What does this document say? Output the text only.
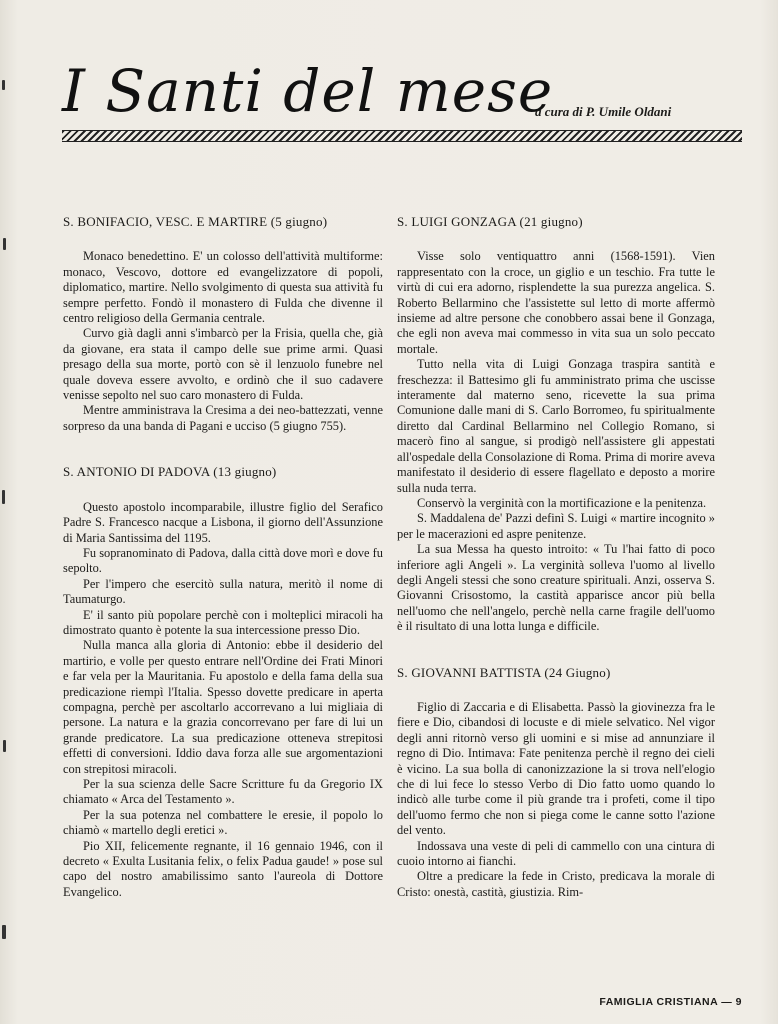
I Santi del mese
a cura di P. Umile Oldani
S. BONIFACIO, VESC. E MARTIRE (5 giugno)

Monaco benedettino. E' un colosso dell'attività multiforme: monaco, Vescovo, dottore ed evangelizzatore di popoli, diplomatico, martire. Nello svolgimento di questa sua attività fu sempre perfetto. Fondò il monastero di Fulda che divenne il centro religioso della Germania centrale.

Curvo già dagli anni s'imbarcò per la Frisia, quella che, già da giovane, era stata il campo delle sue prime armi. Quasi presago della sua morte, portò con sè il lenzuolo funebre nel quale doveva essere avvolto, e ordinò che il suo cadavere venisse sepolto nel suo caro monastero di Fulda.

Mentre amministrava la Cresima a dei neo-battezzati, venne sorpreso da una banda di Pagani e ucciso (5 giugno 755).

S. ANTONIO DI PADOVA (13 giugno)

Questo apostolo incomparabile, illustre figlio del Serafico Padre S. Francesco nacque a Lisbona, il giorno dell'Assunzione di Maria Santissima del 1195.

Fu sopranominato di Padova, dalla città dove morì e dove fu sepolto.

Per l'impero che esercitò sulla natura, meritò il nome di Taumaturgo.

E' il santo più popolare perchè con i molteplici miracoli ha dimostrato quanto è potente la sua intercessione presso Dio.

Nulla manca alla gloria di Antonio: ebbe il desiderio del martirio, e volle per questo entrare nell'Ordine dei Frati Minori e far vela per la Mauritania. Fu apostolo e della fama della sua predicazione riempì l'Italia. Spesso dovette predicare in aperta compagna, perchè per ascoltarlo accorrevano a lui migliaia di persone. La natura e la grazia concorrevano per fare di lui un grande predicatore. La sua predicazione otteneva strepitosi effetti di conversioni. Iddio dava forza alle sue argomentazioni con strepitosi miracoli.

Per la sua scienza delle Sacre Scritture fu da Gregorio IX chiamato « Arca del Testamento ».

Per la sua potenza nel combattere le eresie, il popolo lo chiamò « martello degli eretici ».

Pio XII, felicemente regnante, il 16 gennaio 1946, con il decreto « Exulta Lusitania felix, o felix Padua gaude! » pose sul capo del nostro amabilissimo santo l'aureola di Dottore Evangelico.

S. LUIGI GONZAGA (21 giugno)

Visse solo ventiquattro anni (1568-1591). Vien rappresentato con la croce, un giglio e un teschio. Fra tutte le virtù di cui era adorno, risplendette la sua purezza angelica. S. Roberto Bellarmino che l'assistette sul letto di morte affermò insieme ad altre persone che conobbero assai bene il Gonzaga, che egli non aveva mai commesso in vita sua un solo peccato mortale.

Tutto nella vita di Luigi Gonzaga traspira santità e freschezza: il Battesimo gli fu amministrato prima che uscisse interamente dal materno seno, ricevette la sua prima Comunione dalle mani di S. Carlo Borromeo, fu spiritualmente diretto dal Cardinal Bellarmino nel Collegio Romano, si macerò fino al sangue, si prodigò nell'assistere gli appestati all'ospedale della Consolazione di Roma. Prima di morire aveva manifestato il desiderio di essere flagellato e deposto a morire sulla nuda terra.

Conservò la verginità con la mortificazione e la penitenza.

S. Maddalena de' Pazzi definì S. Luigi « martire incognito » per le macerazioni ed aspre penitenze.

La sua Messa ha questo introito: « Tu l'hai fatto di poco inferiore agli Angeli ». La verginità solleva l'uomo al livello degli Angeli stessi che sono creature spirituali. Anzi, osserva S. Giovanni Crisostomo, la castità apparisce ancor più bella nell'uomo che nell'angelo, perchè nella carne fragile dell'uomo è il risultato di una lotta lunga e difficile.

S. GIOVANNI BATTISTA (24 Giugno)

Figlio di Zaccaria e di Elisabetta. Passò la giovinezza fra le fiere e Dio, cibandosi di locuste e di miele selvatico. Nel vigor degli anni ritornò verso gli uomini e si mise ad annunziare il regno di Dio. Intimava: Fate penitenza perchè il regno dei cieli è vicino. La sua bolla di canonizzazione la si trova nell'elogio che di lui fece lo stesso Verbo di Dio fatto uomo quando lo indicò alle turbe come il più grande tra i profeti, come il tipo dell'uomo fermo che non si piega come le canne sotto l'azione del vento.

Indossava una veste di peli di cammello con una cintura di cuoio intorno ai fianchi.

Oltre a predicare la fede in Cristo, predicava la morale di Cristo: onestà, castità, giustizia. Rim-

FAMIGLIA CRISTIANA — 9
